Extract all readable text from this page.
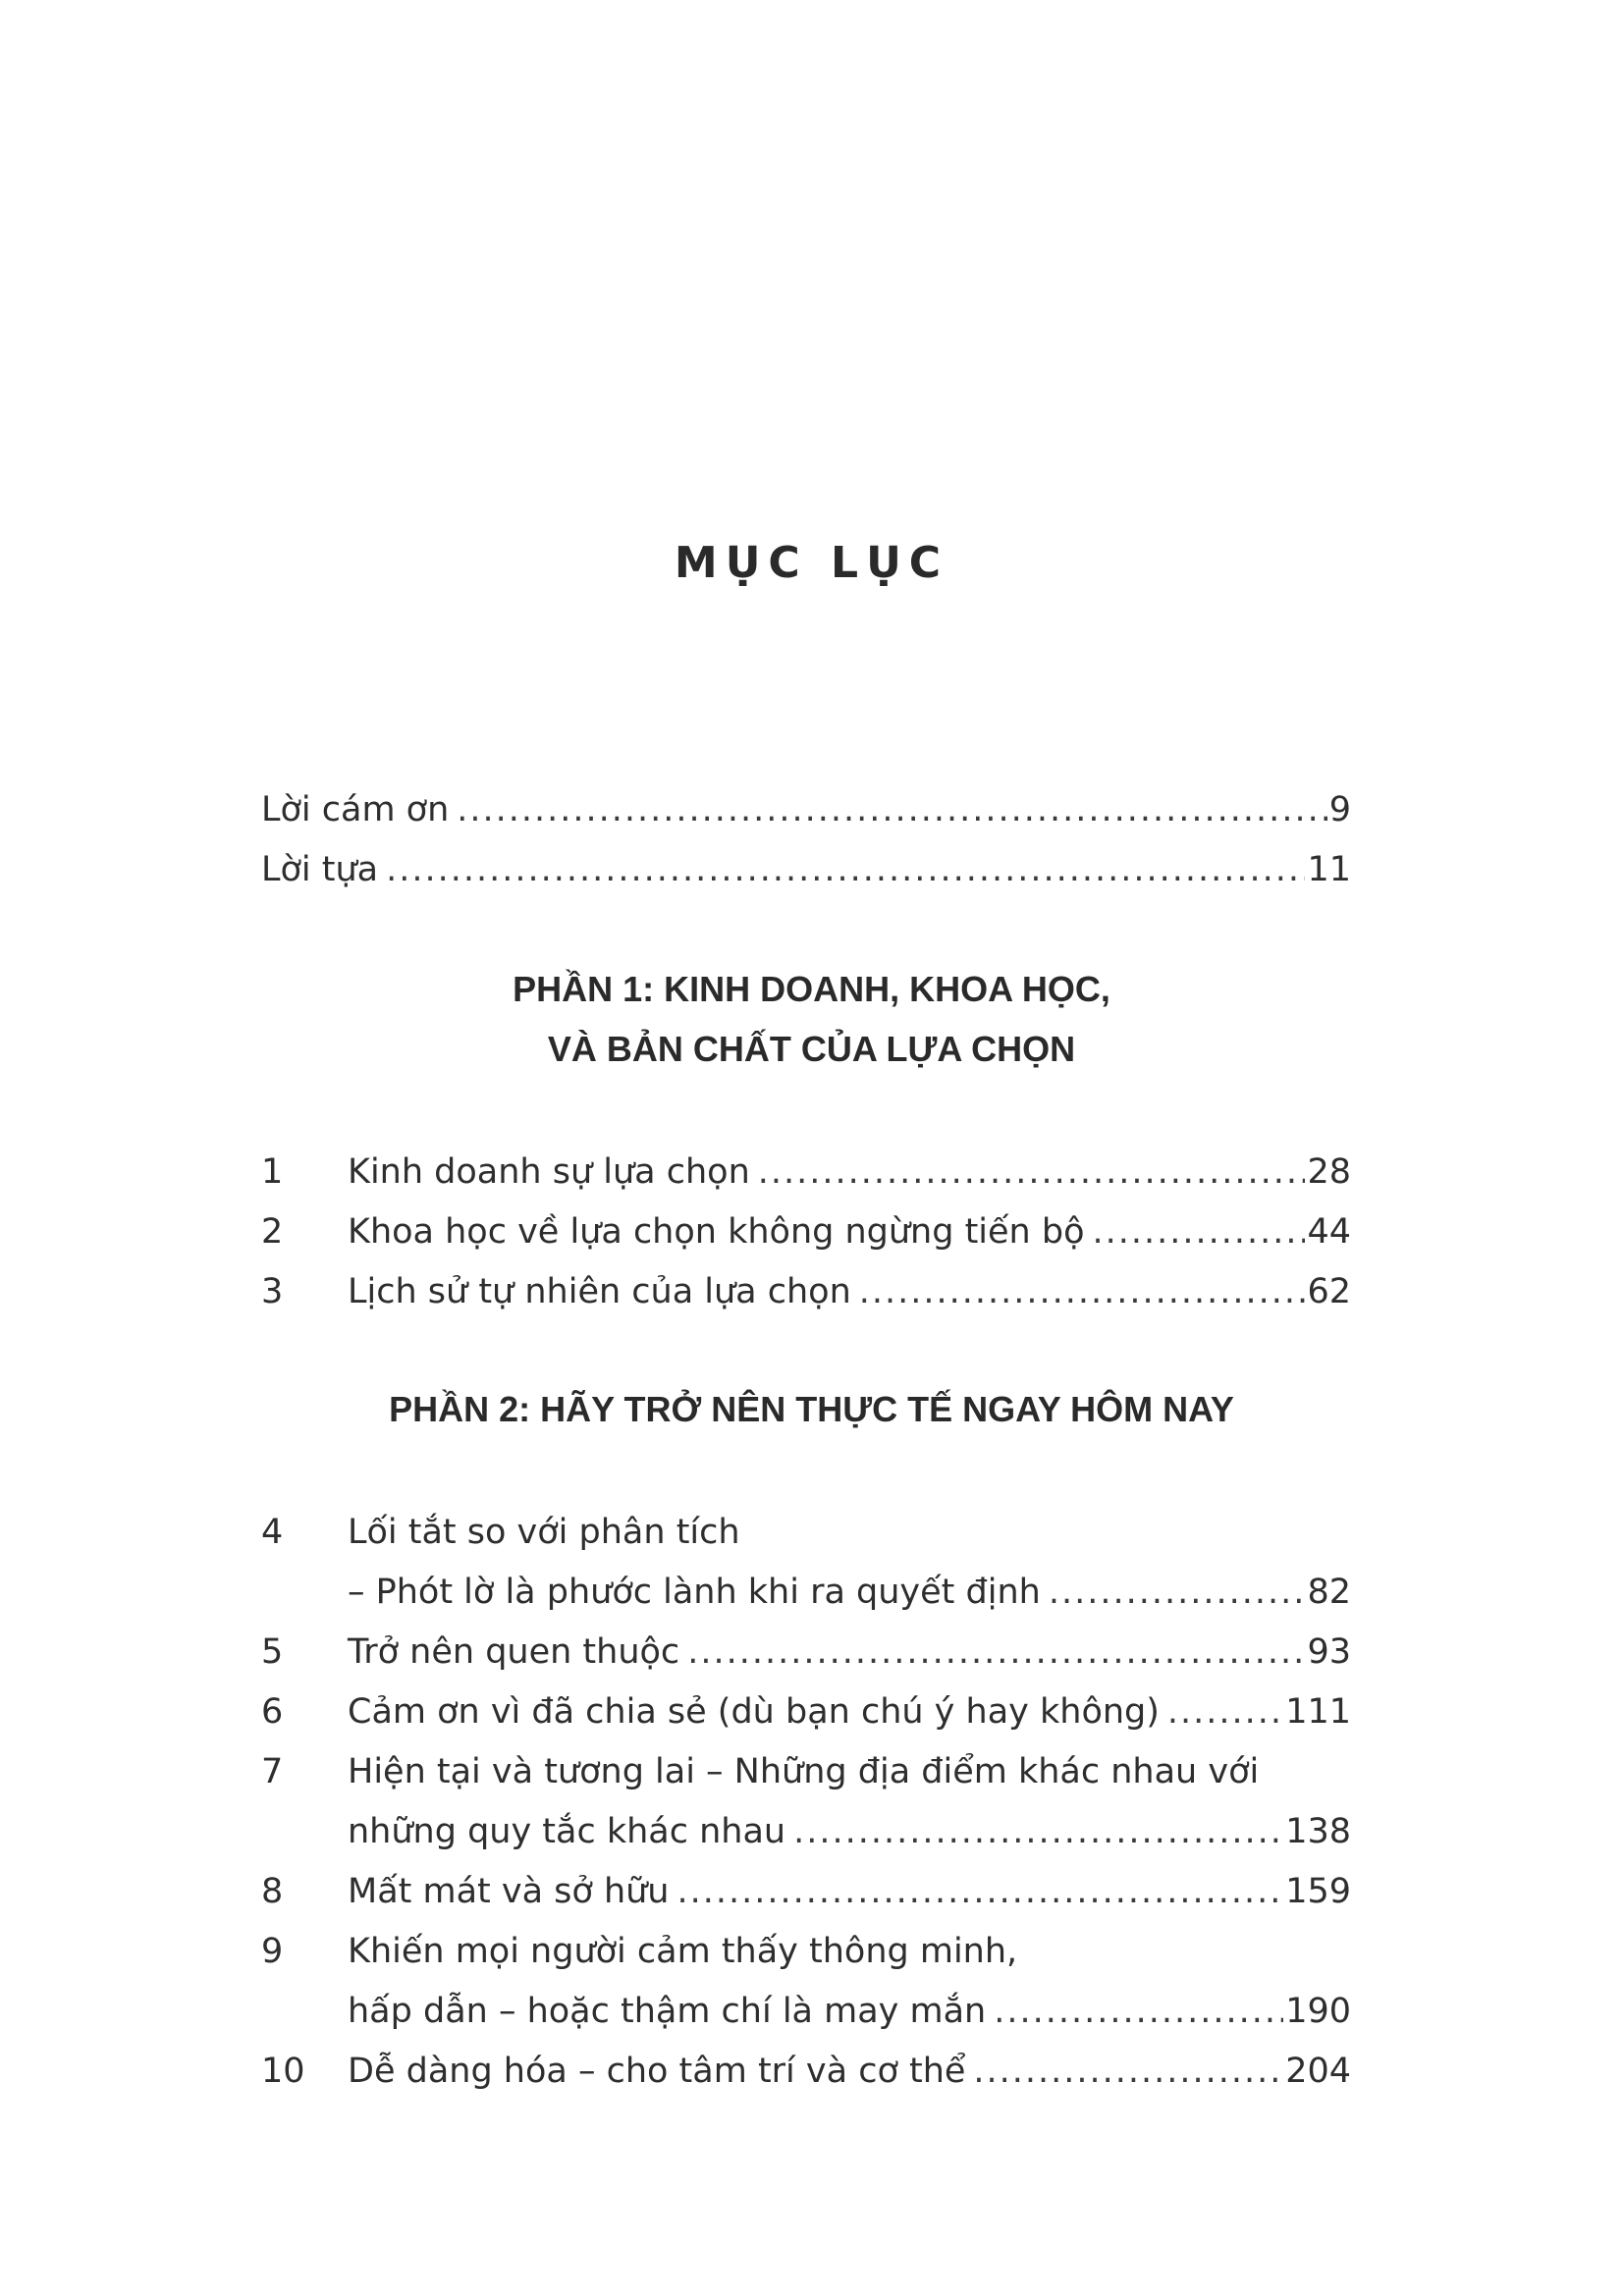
MỤC LỤC
Lời cám ơn .....	9
Lời tựa .....	11
1	Kinh doanh sự lựa chọn .....	28
2	Khoa học về lựa chọn không ngừng tiến bộ .....	44
3	Lịch sử tự nhiên của lựa chọn .....	62
4	Lối tắt so với phân tích
– Phót lờ là phước lành khi ra quyết định .....	82
5	Trở nên quen thuộc .....	93
6	Cảm ơn vì đã chia sẻ (dù bạn chú ý hay không) .....	111
7	Hiện tại và tương lai – Những địa điểm khác nhau với
những quy tắc khác nhau .....	138
8	Mất mát và sở hữu .....	159
9	Khiến mọi người cảm thấy thông minh,
hấp dẫn – hoặc thậm chí là may mắn .....	190
10	Dễ dàng hóa – cho tâm trí và cơ thể .....	204
PHẦN 1: KINH DOANH, KHOA HỌC,
VÀ BẢN CHẤT CỦA LỰA CHỌN
PHẦN 2: HÃY TRỞ NÊN THỰC TẾ NGAY HÔM NAY
